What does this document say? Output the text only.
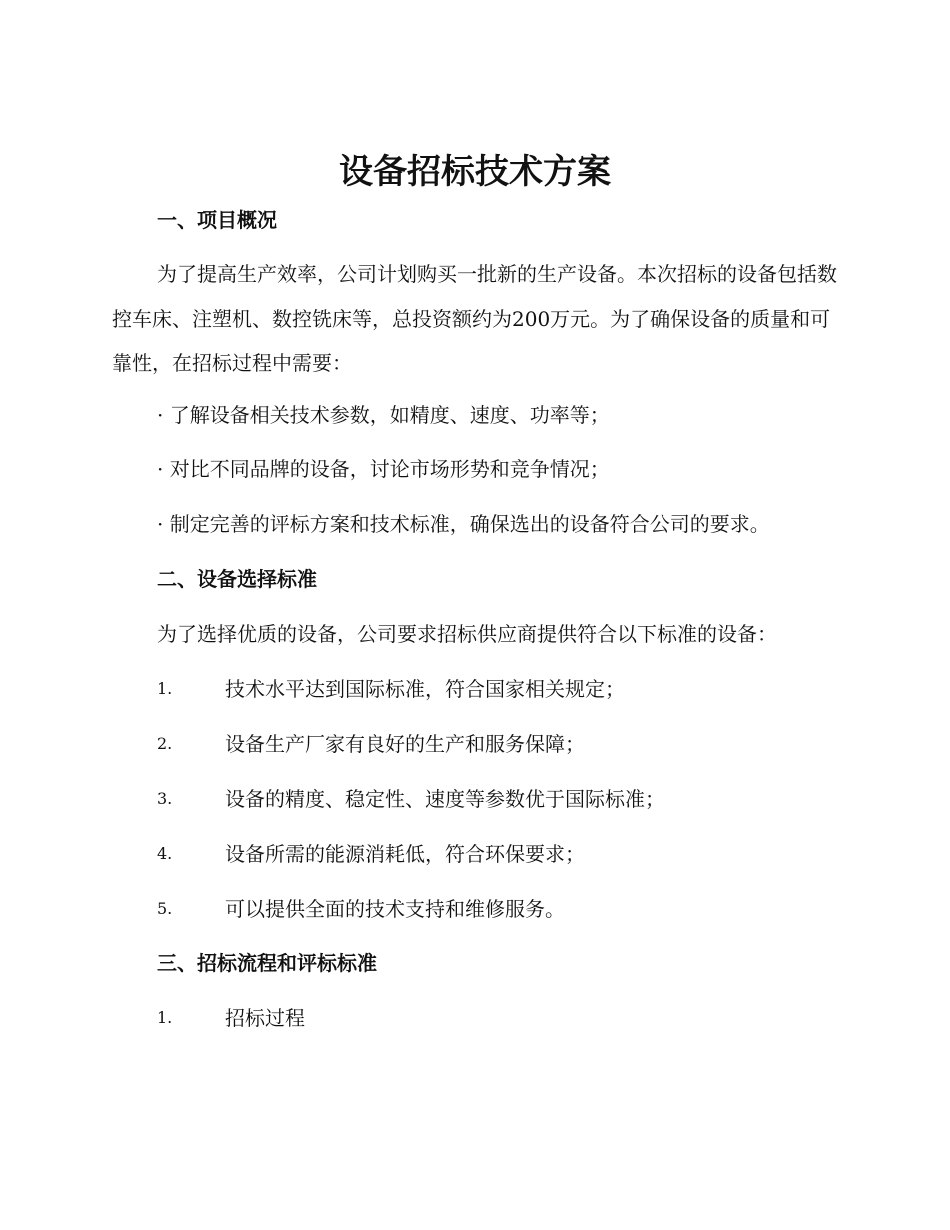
设备招标技术方案
一、项目概况
为了提高生产效率，公司计划购买一批新的生产设备。本次招标的设备包括数控车床、注塑机、数控铣床等，总投资额约为200万元。为了确保设备的质量和可靠性，在招标过程中需要：
· 了解设备相关技术参数，如精度、速度、功率等；
· 对比不同品牌的设备，讨论市场形势和竞争情况；
· 制定完善的评标方案和技术标准，确保选出的设备符合公司的要求。
二、设备选择标准
为了选择优质的设备，公司要求招标供应商提供符合以下标准的设备：
1.	技术水平达到国际标准，符合国家相关规定；
2.	设备生产厂家有良好的生产和服务保障；
3.	设备的精度、稳定性、速度等参数优于国际标准；
4.	设备所需的能源消耗低，符合环保要求；
5.	可以提供全面的技术支持和维修服务。
三、招标流程和评标标准
1.	招标过程
